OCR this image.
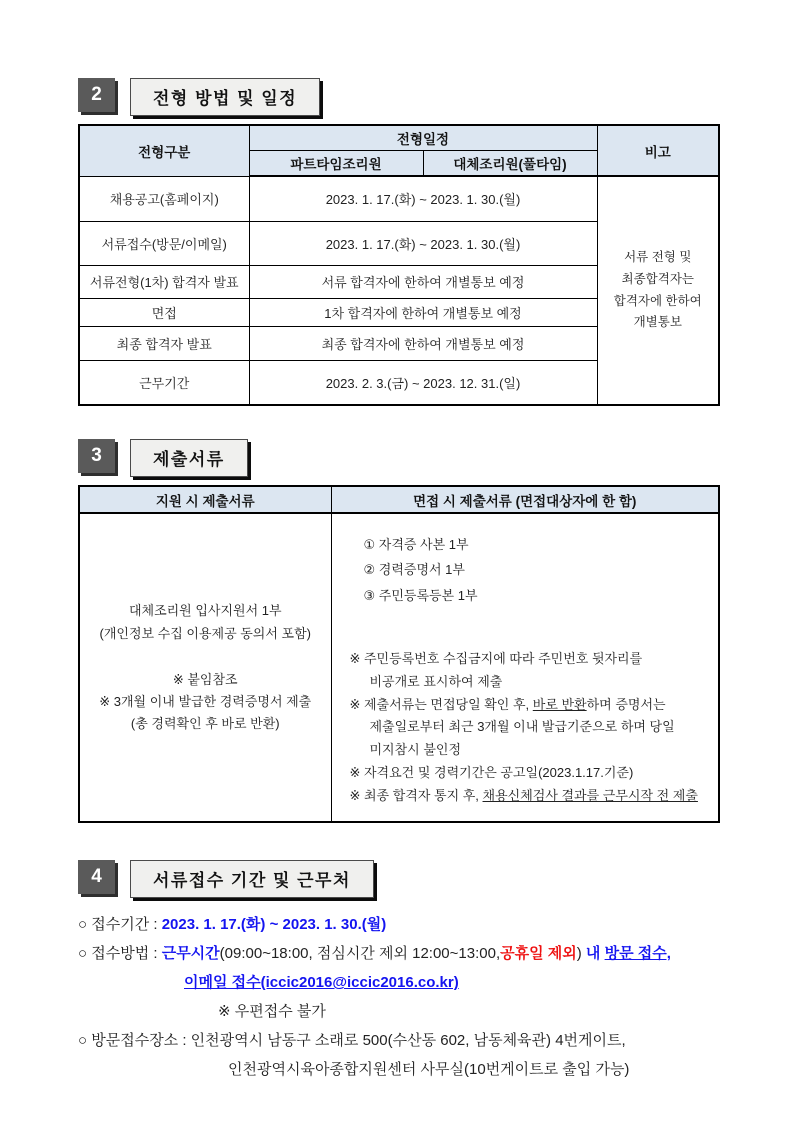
2	전형 방법 및 일정
전형구분	전형일정		비고
	파트타임조리원	대체조리원(풀타임)	
채용공고(홈페이지)	2023. 1. 17.(화) ~ 2023. 1. 30.(월)		서류 전형 및
최종합격자는
합격자에 한하여
개별통보

서류접수(방문/이메일)	2023. 1. 17.(화) ~ 2023. 1. 30.(월)		
서류전형(1차) 합격자 발표	서류 합격자에 한하여 개별통보 예정		
면접	1차 합격자에 한하여 개별통보 예정		
최종 합격자 발표	최종 합격자에 한하여 개별통보 예정		
근무기간	2023. 2. 3.(금) ~ 2023. 12. 31.(일)		
3	제출서류
지원 시 제출서류	면접 시 제출서류 (면접대상자에 한 함)

대체조리원 입사지원서 1부
(개인정보 수집 이용제공 동의서 포함)
※ 붙임참조
※ 3개월 이내 발급한 경력증명서 제출
(총 경력확인 후 바로 반환)

① 자격증 사본 1부
② 경력증명서 1부
③ 주민등록등본 1부
※ 주민등록번호 수집금지에 따라 주민번호 뒷자리를
비공개로 표시하여 제출
※ 제출서류는 면접당일 확인 후, 바로 반환하며 증명서는
제출일로부터 최근 3개월 이내 발급기준으로 하며 당일
미지참시 불인정
※ 자격요건 및 경력기간은 공고일(2023.1.17.기준)
※ 최종 합격자 통지 후, 채용신체검사 결과를 근무시작 전 제출
4	서류접수 기간 및 근무처
○ 접수기간 : 2023. 1. 17.(화) ~ 2023. 1. 30.(월)
○ 접수방법 : 근무시간(09:00~18:00, 점심시간 제외 12:00~13:00,공휴일 제외) 내 방문 접수,
이메일 접수(iccic2016@iccic2016.co.kr)
※ 우편접수 불가
○ 방문접수장소 : 인천광역시 남동구 소래로 500(수산동 602, 남동체육관) 4번게이트,
인천광역시육아종합지원센터 사무실(10번게이트로 출입 가능)
